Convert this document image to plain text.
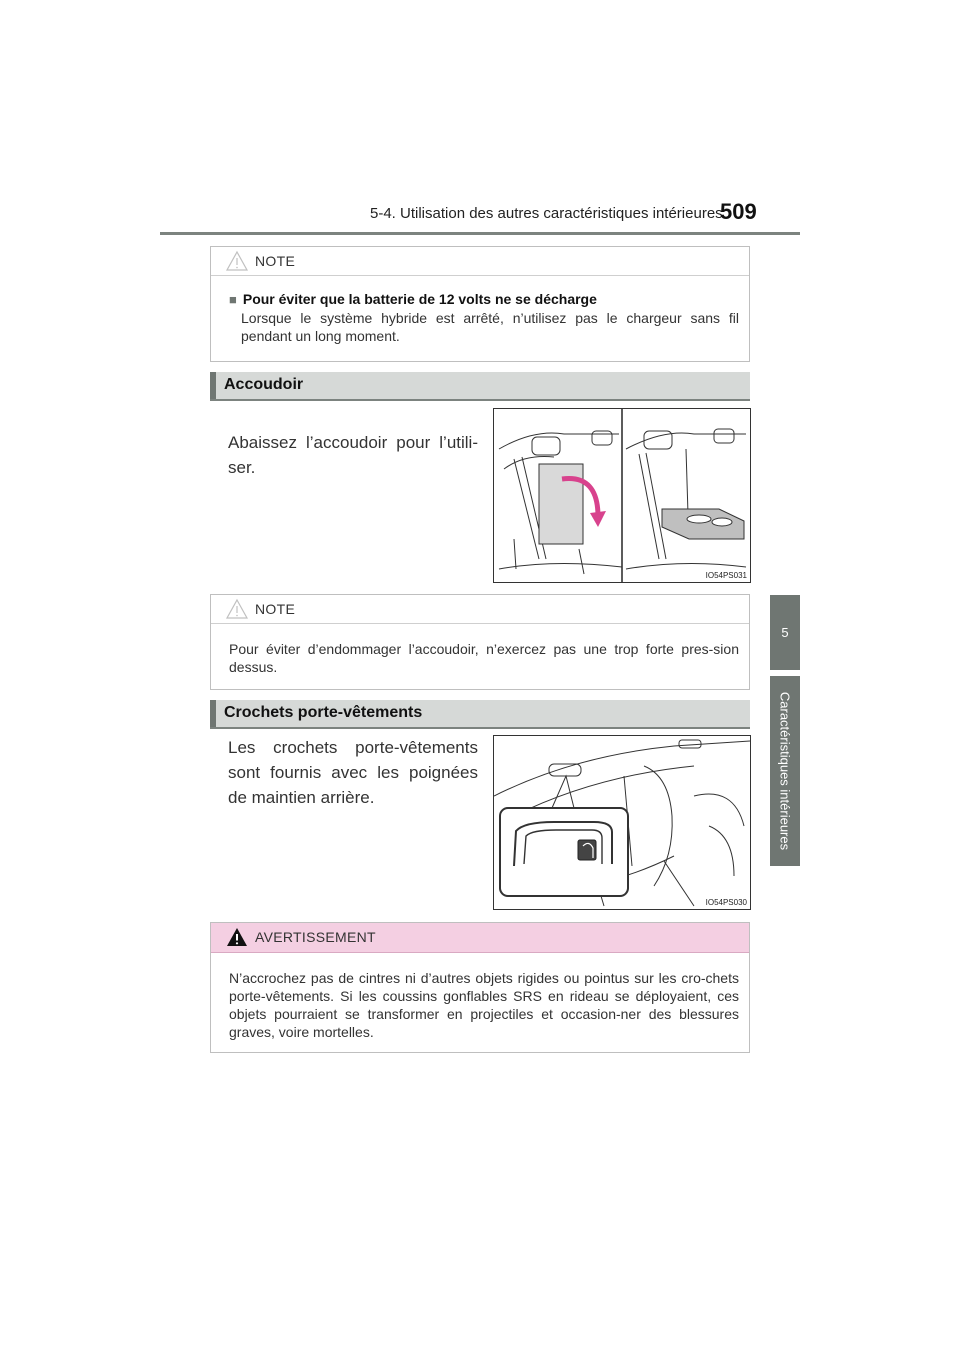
5-4. Utilisation des autres caractéristiques intérieures
509
5
Caractéristiques intérieures
NOTE

■ Pour éviter que la batterie de 12 volts ne se décharge

Lorsque le système hybride est arrêté, n’utilisez pas le chargeur sans fil pendant un long moment.

Accoudoir
Abaissez l’accoudoir pour l’utili-ser.
IO54PS031
NOTE

Pour éviter d’endommager l’accoudoir, n’exercez pas une trop forte pres-sion dessus.

Crochets porte-vêtements
Les crochets porte-vêtements sont fournis avec les poignées de maintien arrière.
IO54PS030
AVERTISSEMENT

N’accrochez pas de cintres ni d’autres objets rigides ou pointus sur les cro-chets porte-vêtements. Si les coussins gonflables SRS en rideau se déployaient, ces objets pourraient se transformer en projectiles et occasion-ner des blessures graves, voire mortelles.
